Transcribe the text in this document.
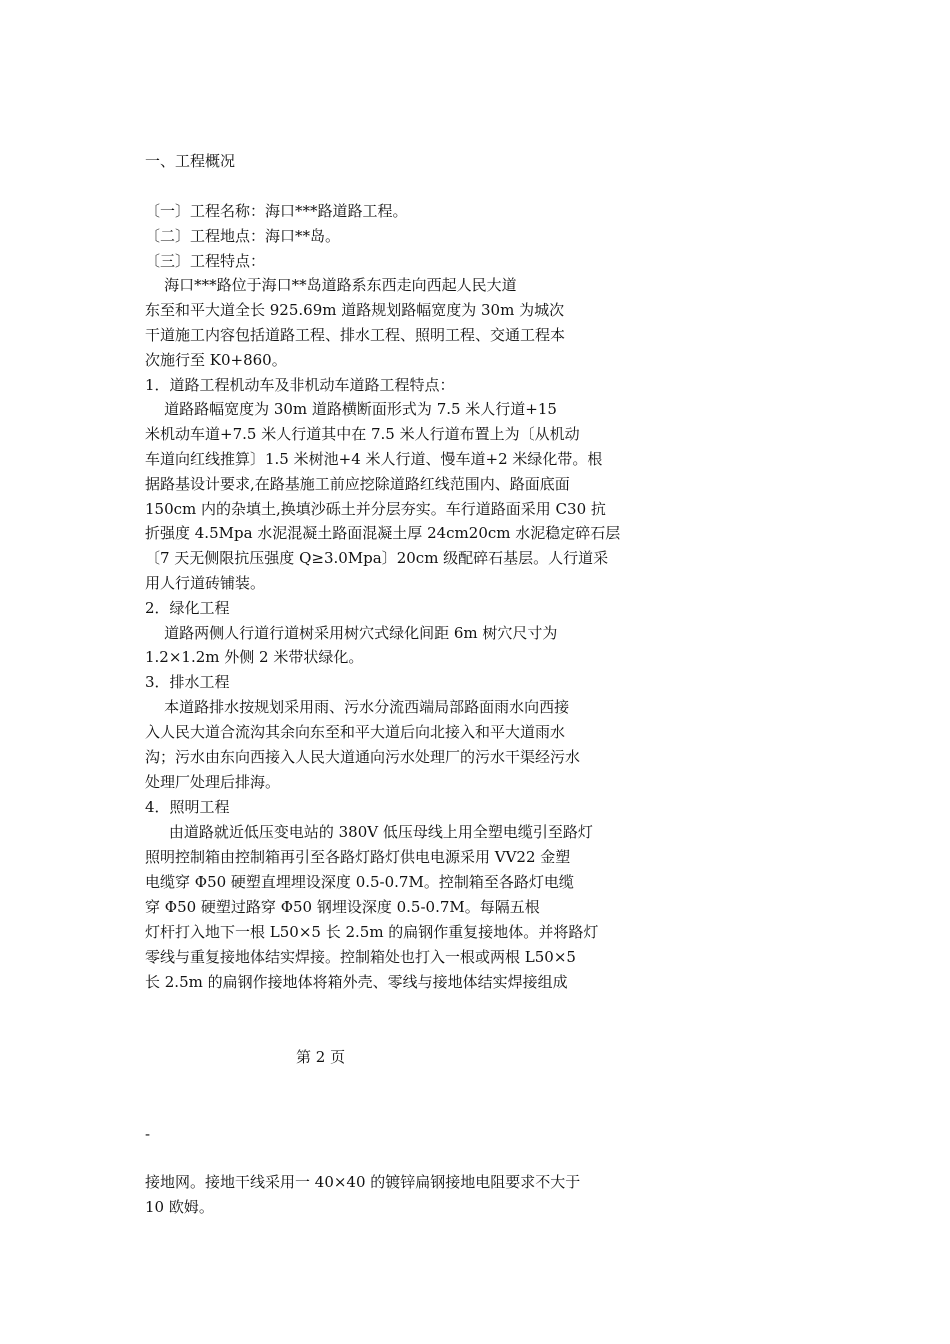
一、工程概况
〔一〕工程名称：海口***路道路工程。
〔二〕工程地点：海口**岛。
〔三〕工程特点：
海口***路位于海口**岛道路系东西走向西起人民大道
东至和平大道全长 925.69m 道路规划路幅宽度为 30m 为城次
干道施工内容包括道路工程、排水工程、照明工程、交通工程本
次施行至 K0+860。
1．道路工程机动车及非机动车道路工程特点：
道路路幅宽度为 30m 道路横断面形式为 7.5 米人行道+15
米机动车道+7.5 米人行道其中在 7.5 米人行道布置上为〔从机动
车道向红线推算〕1.5 米树池+4 米人行道、慢车道+2 米绿化带。根
据路基设计要求,在路基施工前应挖除道路红线范围内、路面底面
150cm 内的杂填土,换填沙砾土并分层夯实。车行道路面采用 C30 抗
折强度 4.5Mpa 水泥混凝土路面混凝土厚 24cm20cm 水泥稳定碎石层
〔7 天无侧限抗压强度 Q≥3.0Mpa〕20cm 级配碎石基层。人行道采
用人行道砖铺装。
2．绿化工程
道路两侧人行道行道树采用树穴式绿化间距 6m 树穴尺寸为
1.2×1.2m 外侧 2 米带状绿化。
3．排水工程
本道路排水按规划采用雨、污水分流西端局部路面雨水向西接
入人民大道合流沟其余向东至和平大道后向北接入和平大道雨水
沟；污水由东向西接入人民大道通向污水处理厂的污水干渠经污水
处理厂处理后排海。
4．照明工程
由道路就近低压变电站的 380V 低压母线上用全塑电缆引至路灯
照明控制箱由控制箱再引至各路灯路灯供电电源采用 VV22 金塑
电缆穿 Φ50 硬塑直埋埋设深度 0.5-0.7M。控制箱至各路灯电缆
穿 Φ50 硬塑过路穿 Φ50 钢埋设深度 0.5-0.7M。每隔五根
灯杆打入地下一根 L50×5 长 2.5m 的扁钢作重复接地体。并将路灯
零线与重复接地体结实焊接。控制箱处也打入一根或两根 L50×5
长 2.5m 的扁钢作接地体将箱外壳、零线与接地体结实焊接组成
第 2 页
-
接地网。接地干线采用一 40×40 的镀锌扁钢接地电阻要求不大于
10 欧姆。
